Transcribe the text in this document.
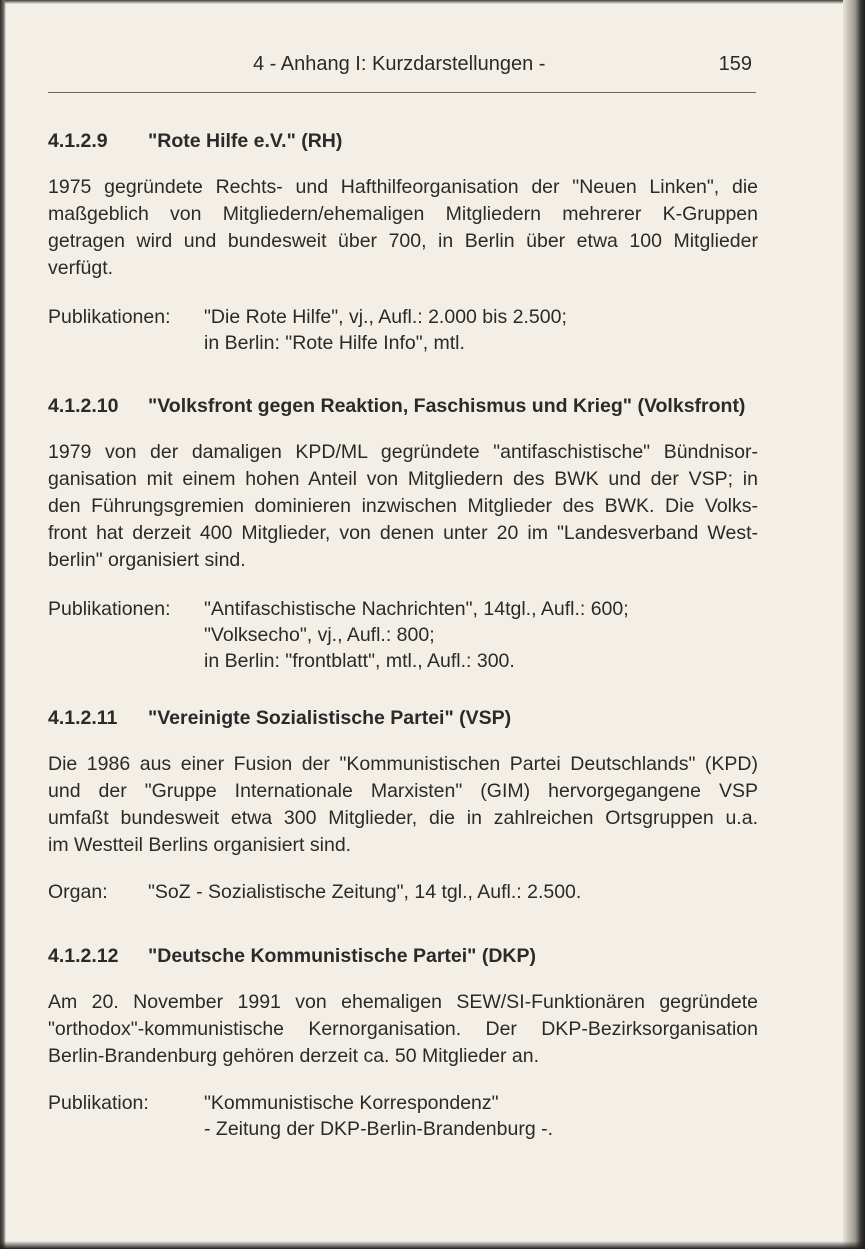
4 - Anhang I: Kurzdarstellungen -	159
4.1.2.9	"Rote Hilfe e.V." (RH)

1975 gegründete Rechts- und Hafthilfeorganisation der "Neuen Linken", die
maßgeblich von Mitgliedern/ehemaligen Mitgliedern mehrerer K-Gruppen
getragen wird und bundesweit über 700, in Berlin über etwa 100 Mitglieder
verfügt.

Publikationen:	"Die Rote Hilfe", vj., Aufl.: 2.000 bis 2.500;
in Berlin: "Rote Hilfe Info", mtl.
4.1.2.10	"Volksfront gegen Reaktion, Faschismus und Krieg" (Volksfront)

1979 von der damaligen KPD/ML gegründete "antifaschistische" Bündnisor-
ganisation mit einem hohen Anteil von Mitgliedern des BWK und der VSP; in
den Führungsgremien dominieren inzwischen Mitglieder des BWK. Die Volks-
front hat derzeit 400 Mitglieder, von denen unter 20 im "Landesverband West-
berlin" organisiert sind.

Publikationen:	"Antifaschistische Nachrichten", 14tgl., Aufl.: 600;
"Volksecho", vj., Aufl.: 800;
in Berlin: "frontblatt", mtl., Aufl.: 300.
4.1.2.11	"Vereinigte Sozialistische Partei" (VSP)

Die 1986 aus einer Fusion der "Kommunistischen Partei Deutschlands" (KPD)
und der "Gruppe Internationale Marxisten" (GIM) hervorgegangene VSP
umfaßt bundesweit etwa 300 Mitglieder, die in zahlreichen Ortsgruppen u.a.
im Westteil Berlins organisiert sind.

Organ:	"SoZ - Sozialistische Zeitung", 14 tgl., Aufl.: 2.500.
4.1.2.12	"Deutsche Kommunistische Partei" (DKP)

Am 20. November 1991 von ehemaligen SEW/SI-Funktionären gegründete
"orthodox"-kommunistische Kernorganisation. Der DKP-Bezirksorganisation
Berlin-Brandenburg gehören derzeit ca. 50 Mitglieder an.

Publikation:	"Kommunistische Korrespondenz"
- Zeitung der DKP-Berlin-Brandenburg -.
